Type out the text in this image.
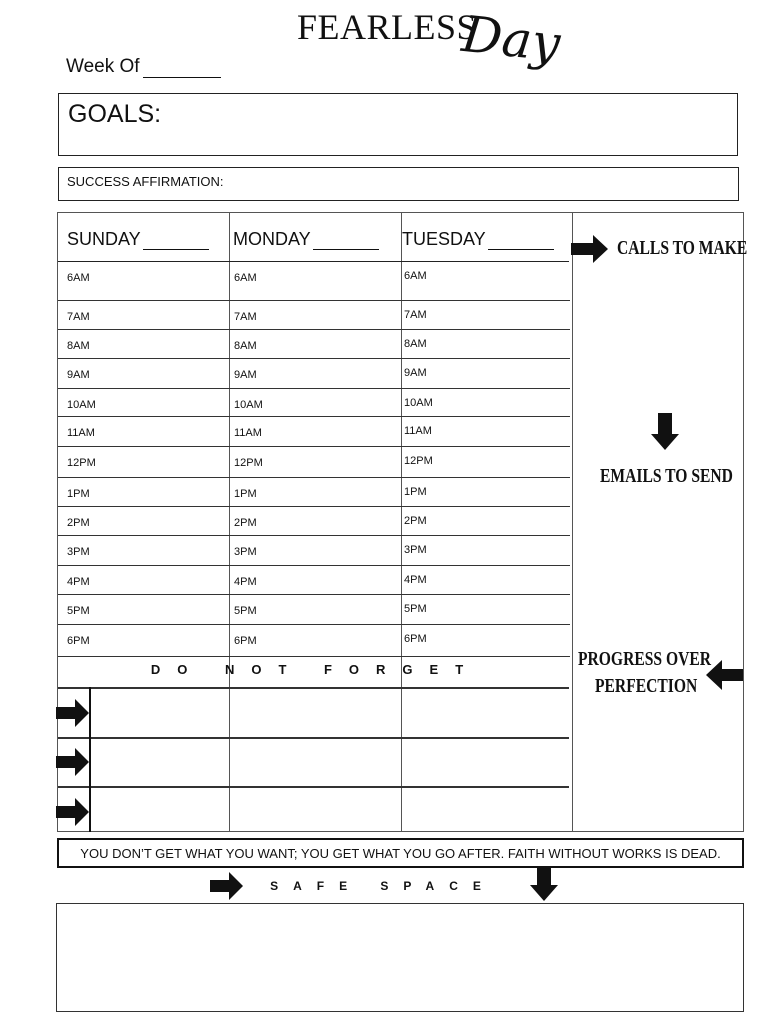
FEARLESS
Day
Week Of
GOALS:
SUCCESS AFFIRMATION:
SUNDAY	MONDAY	TUESDAY
6AM	6AM	6AM
7AM	7AM	7AM
8AM	8AM	8AM
9AM	9AM	9AM
10AM	10AM	10AM
11AM	11AM	11AM
12PM	12PM	12PM
1PM	1PM	1PM
2PM	2PM	2PM
3PM	3PM	3PM
4PM	4PM	4PM
5PM	5PM	5PM
6PM	6PM	6PM
DO NOT FORGET
CALLS TO MAKE
EMAILS TO SEND
PROGRESS OVER
PERFECTION
YOU DON’T GET WHAT YOU WANT; YOU GET WHAT YOU GO AFTER. FAITH WITHOUT WORKS IS DEAD.
SAFE SPACE
